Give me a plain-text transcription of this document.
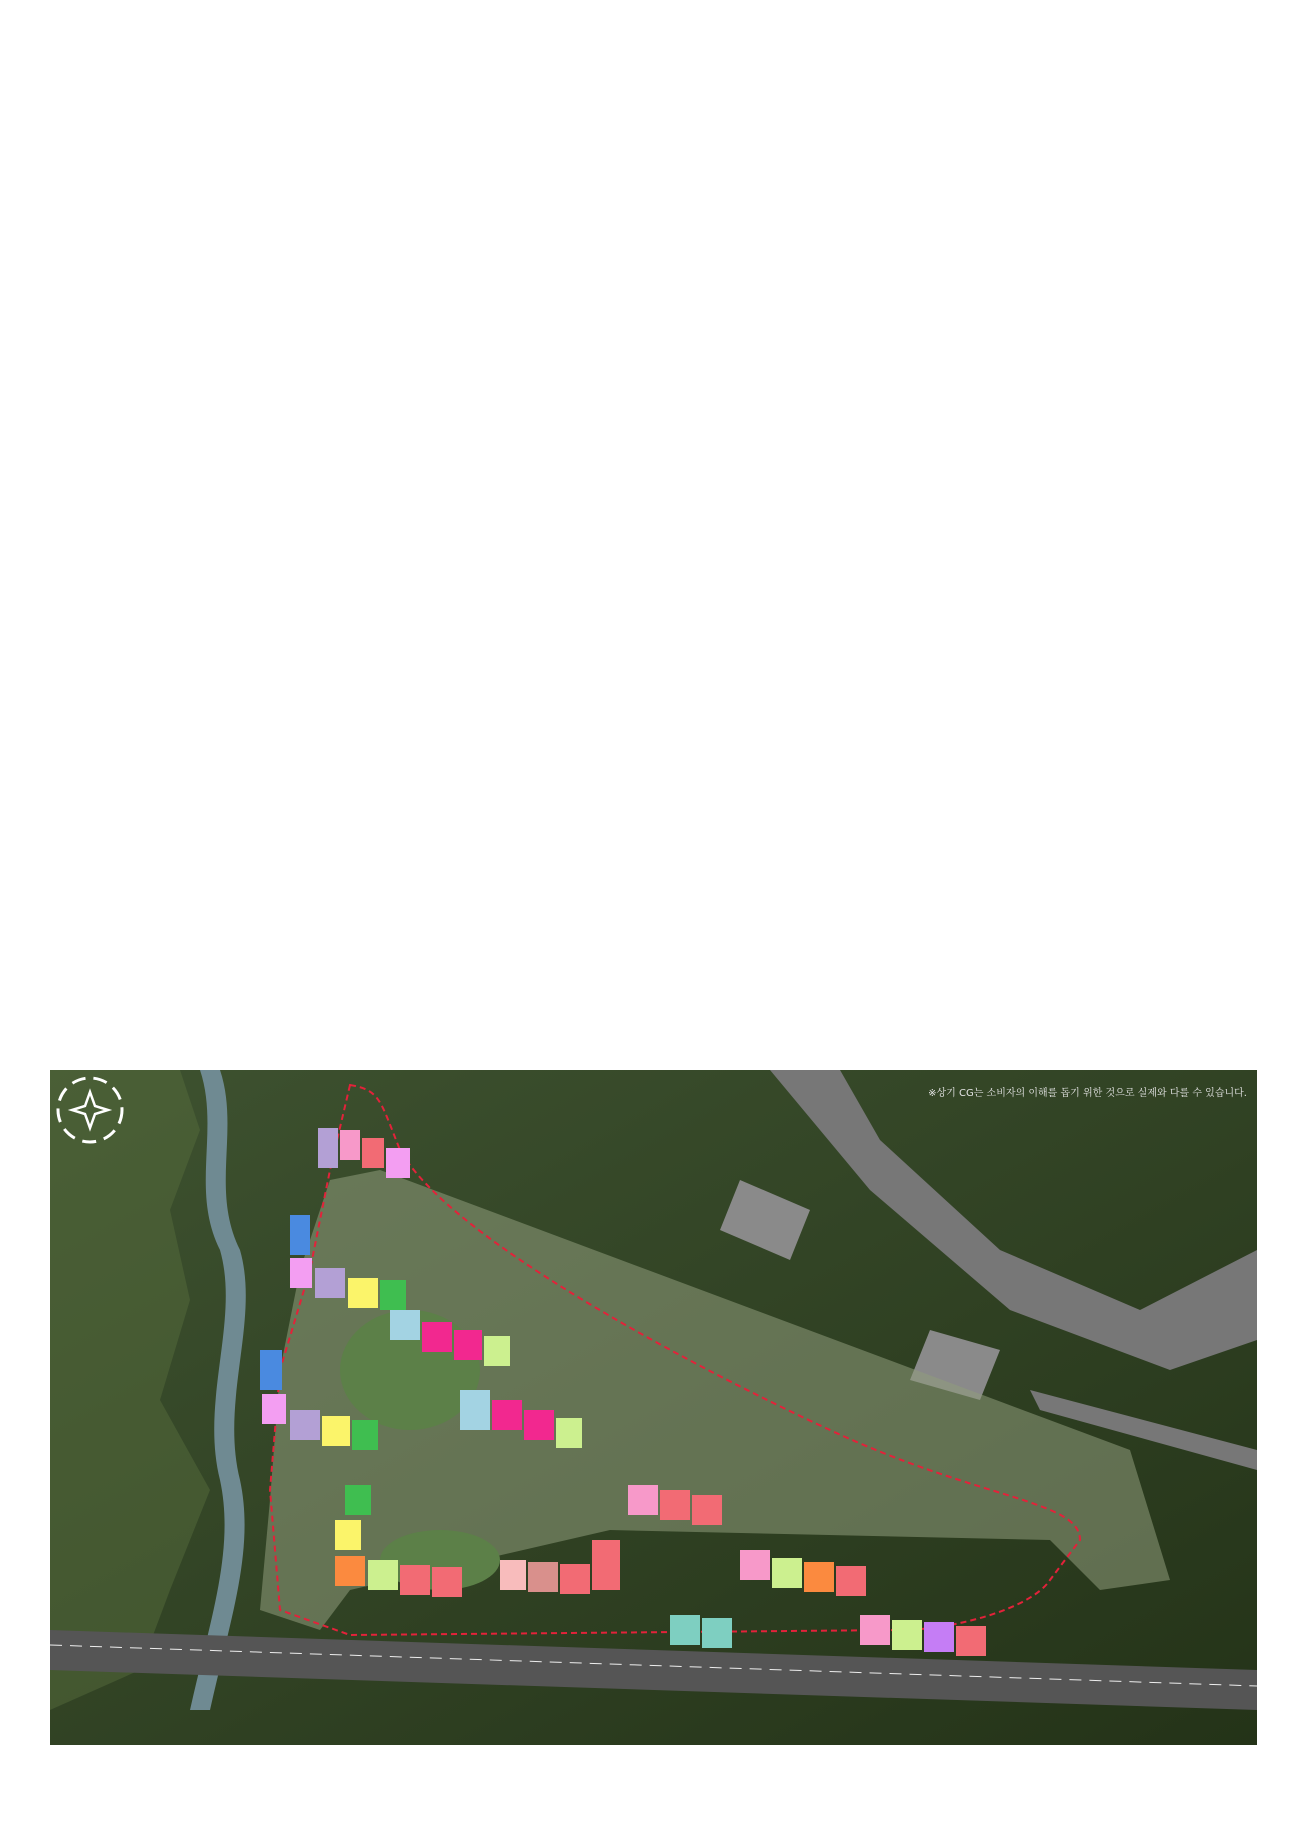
※상기 CG는 소비자의 이해를 돕기 위한 것으로 실제와 다를 수 있습니다.
